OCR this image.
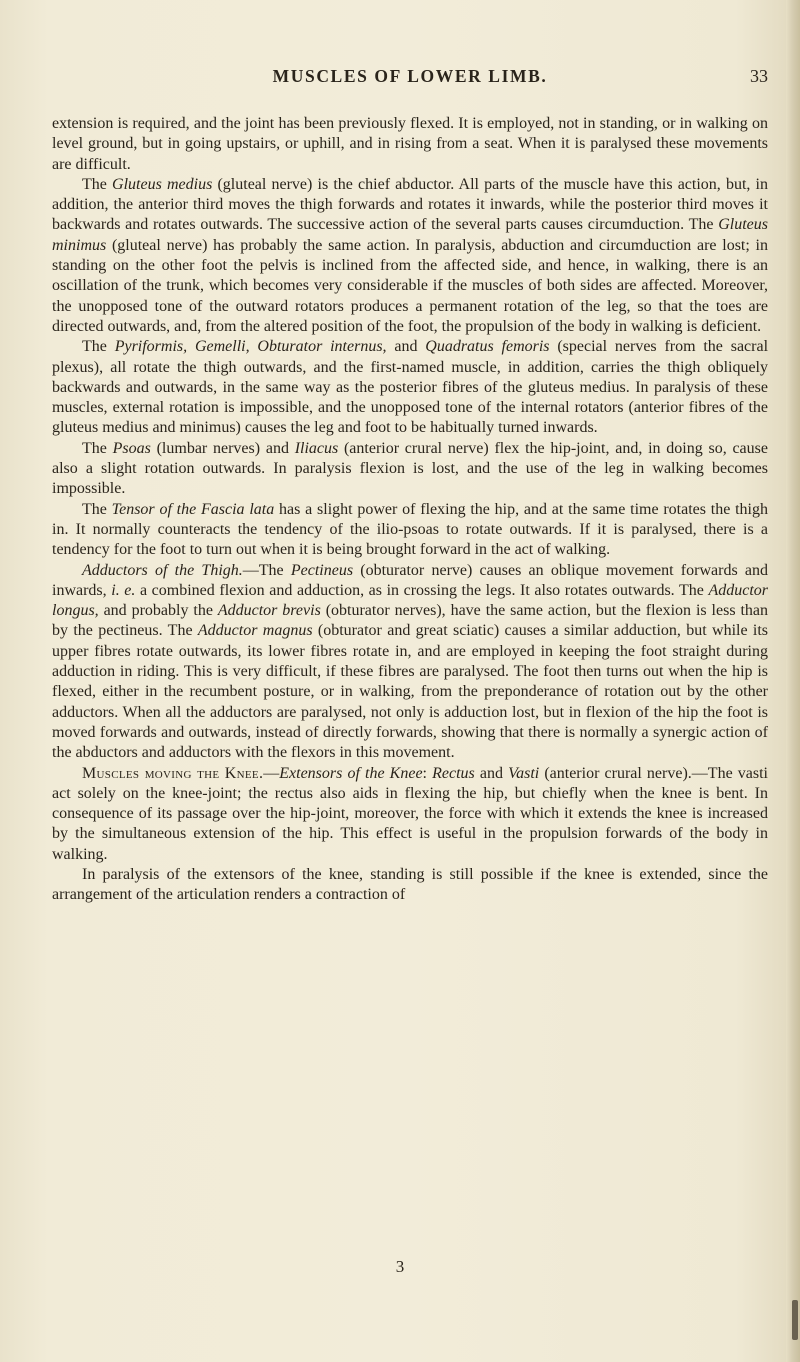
MUSCLES OF LOWER LIMB.	33

extension is required, and the joint has been previously flexed. It is employed, not in standing, or in walking on level ground, but in going upstairs, or uphill, and in rising from a seat. When it is paralysed these movements are difficult.

The Gluteus medius (gluteal nerve) is the chief abductor. All parts of the muscle have this action, but, in addition, the anterior third moves the thigh forwards and rotates it inwards, while the posterior third moves it backwards and rotates outwards. The successive action of the several parts causes circumduction. The Gluteus minimus (gluteal nerve) has probably the same action. In paralysis, abduction and circumduction are lost; in standing on the other foot the pelvis is inclined from the affected side, and hence, in walking, there is an oscillation of the trunk, which becomes very considerable if the muscles of both sides are affected. Moreover, the unopposed tone of the outward rotators produces a permanent rotation of the leg, so that the toes are directed outwards, and, from the altered position of the foot, the propulsion of the body in walking is deficient.

The Pyriformis, Gemelli, Obturator internus, and Quadratus femoris (special nerves from the sacral plexus), all rotate the thigh outwards, and the first-named muscle, in addition, carries the thigh obliquely backwards and outwards, in the same way as the posterior fibres of the gluteus medius. In paralysis of these muscles, external rotation is impossible, and the unopposed tone of the internal rotators (anterior fibres of the gluteus medius and minimus) causes the leg and foot to be habitually turned inwards.

The Psoas (lumbar nerves) and Iliacus (anterior crural nerve) flex the hip-joint, and, in doing so, cause also a slight rotation outwards. In paralysis flexion is lost, and the use of the leg in walking becomes impossible.

The Tensor of the Fascia lata has a slight power of flexing the hip, and at the same time rotates the thigh in. It normally counteracts the tendency of the ilio-psoas to rotate outwards. If it is paralysed, there is a tendency for the foot to turn out when it is being brought forward in the act of walking.

Adductors of the Thigh.—The Pectineus (obturator nerve) causes an oblique movement forwards and inwards, i. e. a combined flexion and adduction, as in crossing the legs. It also rotates outwards. The Adductor longus, and probably the Adductor brevis (obturator nerves), have the same action, but the flexion is less than by the pectineus. The Adductor magnus (obturator and great sciatic) causes a similar adduction, but while its upper fibres rotate outwards, its lower fibres rotate in, and are employed in keeping the foot straight during adduction in riding. This is very difficult, if these fibres are paralysed. The foot then turns out when the hip is flexed, either in the recumbent posture, or in walking, from the preponderance of rotation out by the other adductors. When all the adductors are paralysed, not only is adduction lost, but in flexion of the hip the foot is moved forwards and outwards, instead of directly forwards, showing that there is normally a synergic action of the abductors and adductors with the flexors in this movement.

Muscles moving the Knee.—Extensors of the Knee: Rectus and Vasti (anterior crural nerve).—The vasti act solely on the knee-joint; the rectus also aids in flexing the hip, but chiefly when the knee is bent. In consequence of its passage over the hip-joint, moreover, the force with which it extends the knee is increased by the simultaneous extension of the hip. This effect is useful in the propulsion forwards of the body in walking.

In paralysis of the extensors of the knee, standing is still possible if the knee is extended, since the arrangement of the articulation renders a contraction of

3
